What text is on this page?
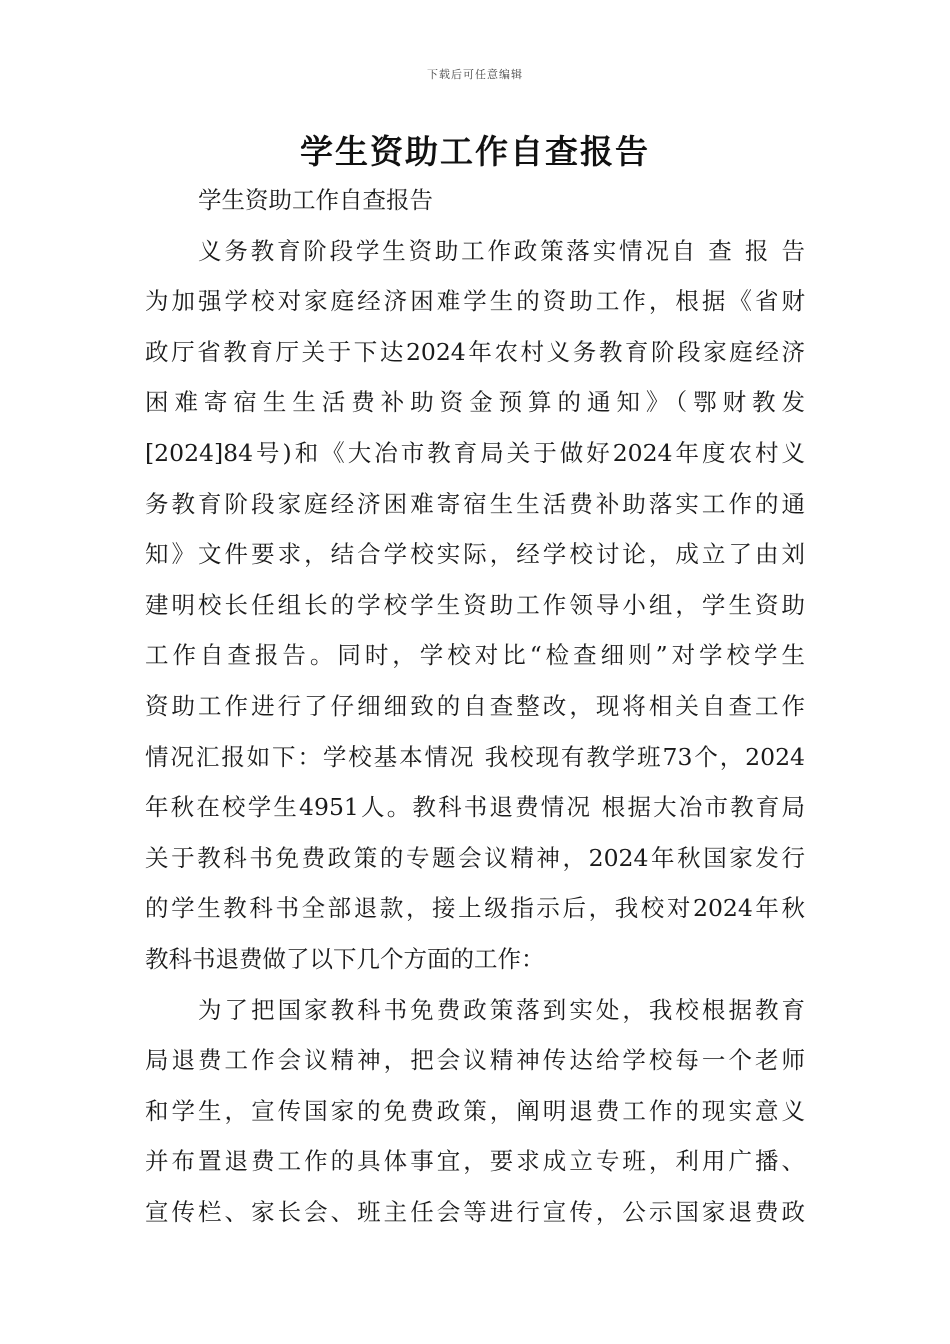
下载后可任意编辑
学生资助工作自查报告
学生资助工作自查报告
义务教育阶段学生资助工作政策落实情况自 查 报 告
为加强学校对家庭经济困难学生的资助工作，根据《省财
政厅省教育厅关于下达2024年农村义务教育阶段家庭经济
困难寄宿生生活费补助资金预算的通知》（鄂财教发
[2024]84号)和《大冶市教育局关于做好2024年度农村义
务教育阶段家庭经济困难寄宿生生活费补助落实工作的通
知》文件要求，结合学校实际，经学校讨论，成立了由刘
建明校长任组长的学校学生资助工作领导小组，学生资助
工作自查报告。同时，学校对比“检查细则”对学校学生
资助工作进行了仔细细致的自查整改，现将相关自查工作
情况汇报如下：学校基本情况 我校现有教学班73个，2024
年秋在校学生4951人。教科书退费情况 根据大冶市教育局
关于教科书免费政策的专题会议精神，2024年秋国家发行
的学生教科书全部退款，接上级指示后，我校对2024年秋
教科书退费做了以下几个方面的工作：
为了把国家教科书免费政策落到实处，我校根据教育
局退费工作会议精神，把会议精神传达给学校每一个老师
和学生，宣传国家的免费政策，阐明退费工作的现实意义
并布置退费工作的具体事宜，要求成立专班，利用广播、
宣传栏、家长会、班主任会等进行宣传，公示国家退费政
